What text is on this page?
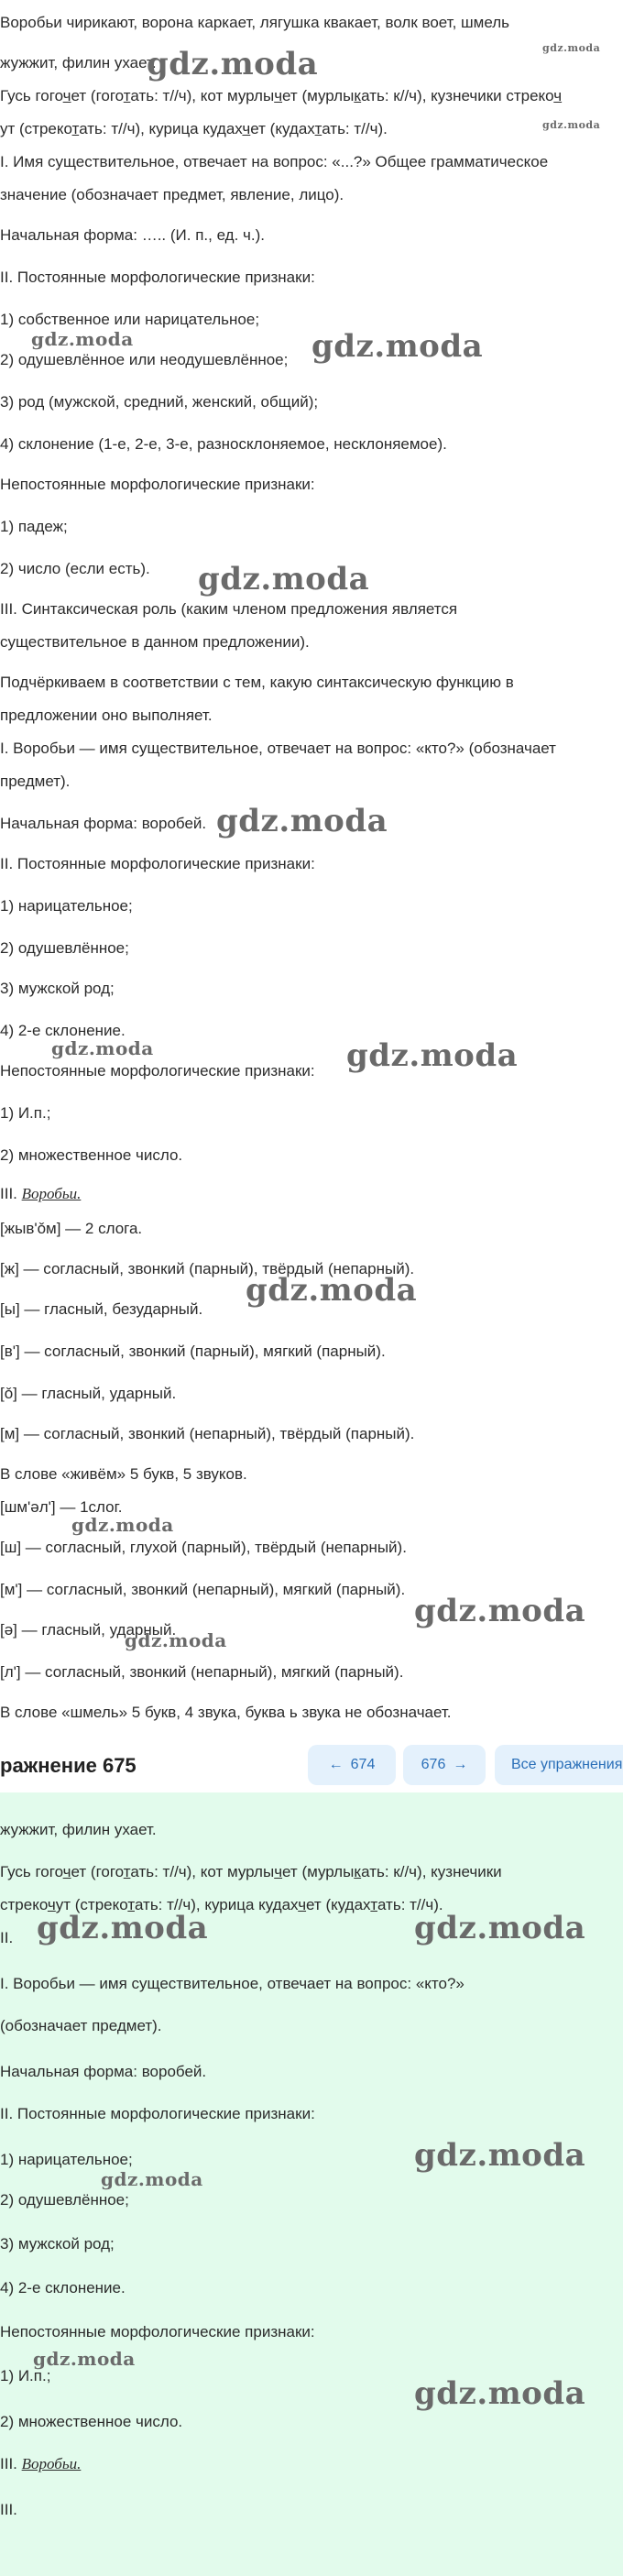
Воробьи чирикают, ворона каркает, лягушка квакает, волк воет, шмель
жужжит, филин ухает.
Гусь гогочет (гоготать: т//ч), кот мурлычет (мурлыкать: к//ч), кузнечики стрекоч
ут (стрекотать: т//ч), курица кудахчет (кудахтать: т//ч).
I. Имя существительное, отвечает на вопрос: «...?» Общее грамматическое
значение (обозначает предмет, явление, лицо).
Начальная форма: ….. (И. п., ед. ч.).
II. Постоянные морфологические признаки:
1) собственное или нарицательное;
2) одушевлённое или неодушевлённое;
3) род (мужской, средний, женский, общий);
4) склонение (1-е, 2-е, 3-е, разносклоняемое, несклоняемое).
Непостоянные морфологические признаки:
1) падеж;
2) число (если есть).
III. Синтаксическая роль (каким членом предложения является
существительное в данном предложении).
Подчёркиваем в соответствии с тем, какую синтаксическую функцию в
предложении оно выполняет.
I. Воробьи — имя существительное, отвечает на вопрос: «кто?» (обозначает
предмет).
Начальная форма: воробей.
II. Постоянные морфологические признаки:
1) нарицательное;
2) одушевлённое;
3) мужской род;
4) 2-е склонение.
Непостоянные морфологические признаки:
1) И.п.;
2) множественное число.
III. Воробьи.
[жыв'ǒм] — 2 слога.
[ж] — согласный, звонкий (парный), твёрдый (непарный).
[ы] — гласный, безударный.
[в'] — согласный, звонкий (парный), мягкий (парный).
[ǒ] — гласный, ударный.
[м] — согласный, звонкий (непарный), твёрдый (парный).
В слове «живём» 5 букв, 5 звуков.
[шм'ǝл'] — 1слог.
[ш] — согласный, глухой (парный), твёрдый (непарный).
[м'] — согласный, звонкий (непарный), мягкий (парный).
[ǝ] — гласный, ударный.
[л'] — согласный, звонкий (непарный), мягкий (парный).
В слове «шмель» 5 букв, 4 звука, буква ь звука не обозначает.
gdz.moda	gdz.moda
gdz.moda
gdz.moda	gdz.moda
gdz.moda
gdz.moda
gdz.moda	gdz.moda
gdz.moda
gdz.moda
gdz.moda
gdz.moda
ражнение 675	← 674	676 →	Все упражнения
жужжит, филин ухает.
Гусь гогочет (гоготать: т//ч), кот мурлычет (мурлыкать: к//ч), кузнечики
стрекочут (стрекотать: т//ч), курица кудахчет (кудахтать: т//ч).
II.
I. Воробьи — имя существительное, отвечает на вопрос: «кто?»
(обозначает предмет).
Начальная форма: воробей.
II. Постоянные морфологические признаки:
1) нарицательное;
2) одушевлённое;
3) мужской род;
4) 2-е склонение.
Непостоянные морфологические признаки:
1) И.п.;
2) множественное число.
III. Воробьи.
III.
gdz.moda	gdz.moda
gdz.moda
gdz.moda
gdz.moda
gdz.moda
